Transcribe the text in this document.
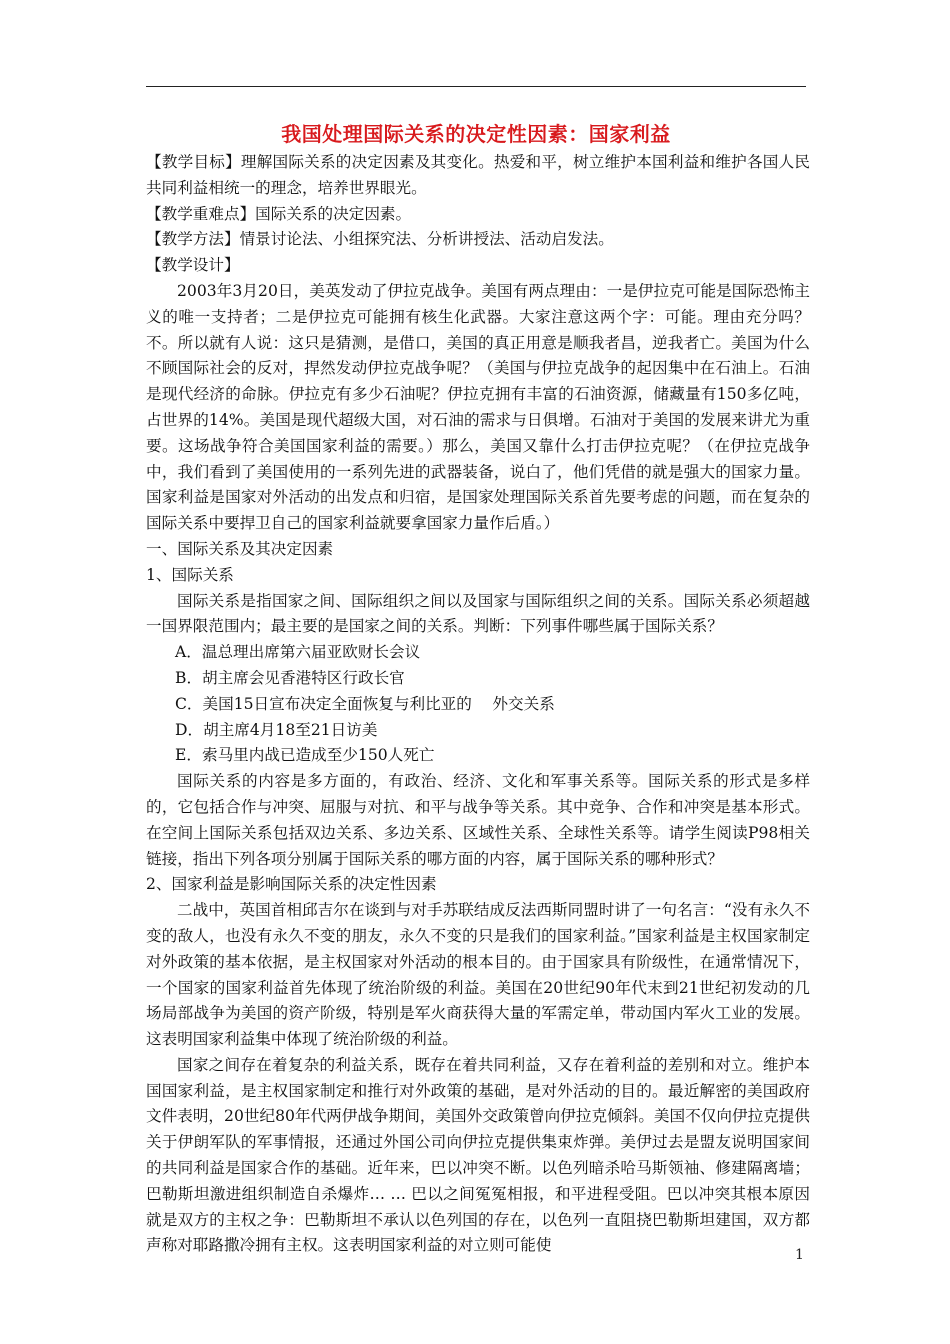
我国处理国际关系的决定性因素：国家利益

【教学目标】理解国际关系的决定因素及其变化。热爱和平，树立维护本国利益和维护各国人民共同利益相统一的理念，培养世界眼光。

【教学重难点】国际关系的决定因素。

【教学方法】情景讨论法、小组探究法、分析讲授法、活动启发法。

【教学设计】

2003年3月20日，美英发动了伊拉克战争。美国有两点理由：一是伊拉克可能是国际恐怖主义的唯一支持者；二是伊拉克可能拥有核生化武器。大家注意这两个字：可能。理由充分吗？不。所以就有人说：这只是猜测，是借口，美国的真正用意是顺我者昌，逆我者亡。美国为什么不顾国际社会的反对，捍然发动伊拉克战争呢？（美国与伊拉克战争的起因集中在石油上。石油是现代经济的命脉。伊拉克有多少石油呢？伊拉克拥有丰富的石油资源，储藏量有150多亿吨，占世界的14%。美国是现代超级大国，对石油的需求与日俱增。石油对于美国的发展来讲尤为重要。这场战争符合美国国家利益的需要。）那么，美国又靠什么打击伊拉克呢？（在伊拉克战争中，我们看到了美国使用的一系列先进的武器装备，说白了，他们凭借的就是强大的国家力量。国家利益是国家对外活动的出发点和归宿，是国家处理国际关系首先要考虑的问题，而在复杂的国际关系中要捍卫自己的国家利益就要拿国家力量作后盾。）

一、国际关系及其决定因素

1、国际关系

国际关系是指国家之间、国际组织之间以及国家与国际组织之间的关系。国际关系必须超越一国界限范围内；最主要的是国家之间的关系。判断：下列事件哪些属于国际关系？

A．温总理出席第六届亚欧财长会议

B．胡主席会见香港特区行政长官

C．美国15日宣布决定全面恢复与利比亚的　 外交关系

D．胡主席4月18至21日访美

E．索马里内战已造成至少150人死亡

国际关系的内容是多方面的，有政治、经济、文化和军事关系等。国际关系的形式是多样的，它包括合作与冲突、屈服与对抗、和平与战争等关系。其中竞争、合作和冲突是基本形式。在空间上国际关系包括双边关系、多边关系、区域性关系、全球性关系等。请学生阅读P98相关链接，指出下列各项分别属于国际关系的哪方面的内容，属于国际关系的哪种形式？

2、国家利益是影响国际关系的决定性因素

二战中，英国首相邱吉尔在谈到与对手苏联结成反法西斯同盟时讲了一句名言：“没有永久不变的敌人，也没有永久不变的朋友，永久不变的只是我们的国家利益。”国家利益是主权国家制定对外政策的基本依据，是主权国家对外活动的根本目的。由于国家具有阶级性，在通常情况下，一个国家的国家利益首先体现了统治阶级的利益。美国在20世纪90年代末到21世纪初发动的几场局部战争为美国的资产阶级，特别是军火商获得大量的军需定单，带动国内军火工业的发展。这表明国家利益集中体现了统治阶级的利益。

国家之间存在着复杂的利益关系，既存在着共同利益，又存在着利益的差别和对立。维护本国国家利益，是主权国家制定和推行对外政策的基础，是对外活动的目的。最近解密的美国政府文件表明，20世纪80年代两伊战争期间，美国外交政策曾向伊拉克倾斜。美国不仅向伊拉克提供关于伊朗军队的军事情报，还通过外国公司向伊拉克提供集束炸弹。美伊过去是盟友说明国家间的共同利益是国家合作的基础。近年来，巴以冲突不断。以色列暗杀哈马斯领袖、修建隔离墙；巴勒斯坦激进组织制造自杀爆炸… … 巴以之间冤冤相报，和平进程受阻。巴以冲突其根本原因就是双方的主权之争：巴勒斯坦不承认以色列国的存在，以色列一直阻挠巴勒斯坦建国，双方都声称对耶路撒冷拥有主权。这表明国家利益的对立则可能使

1
